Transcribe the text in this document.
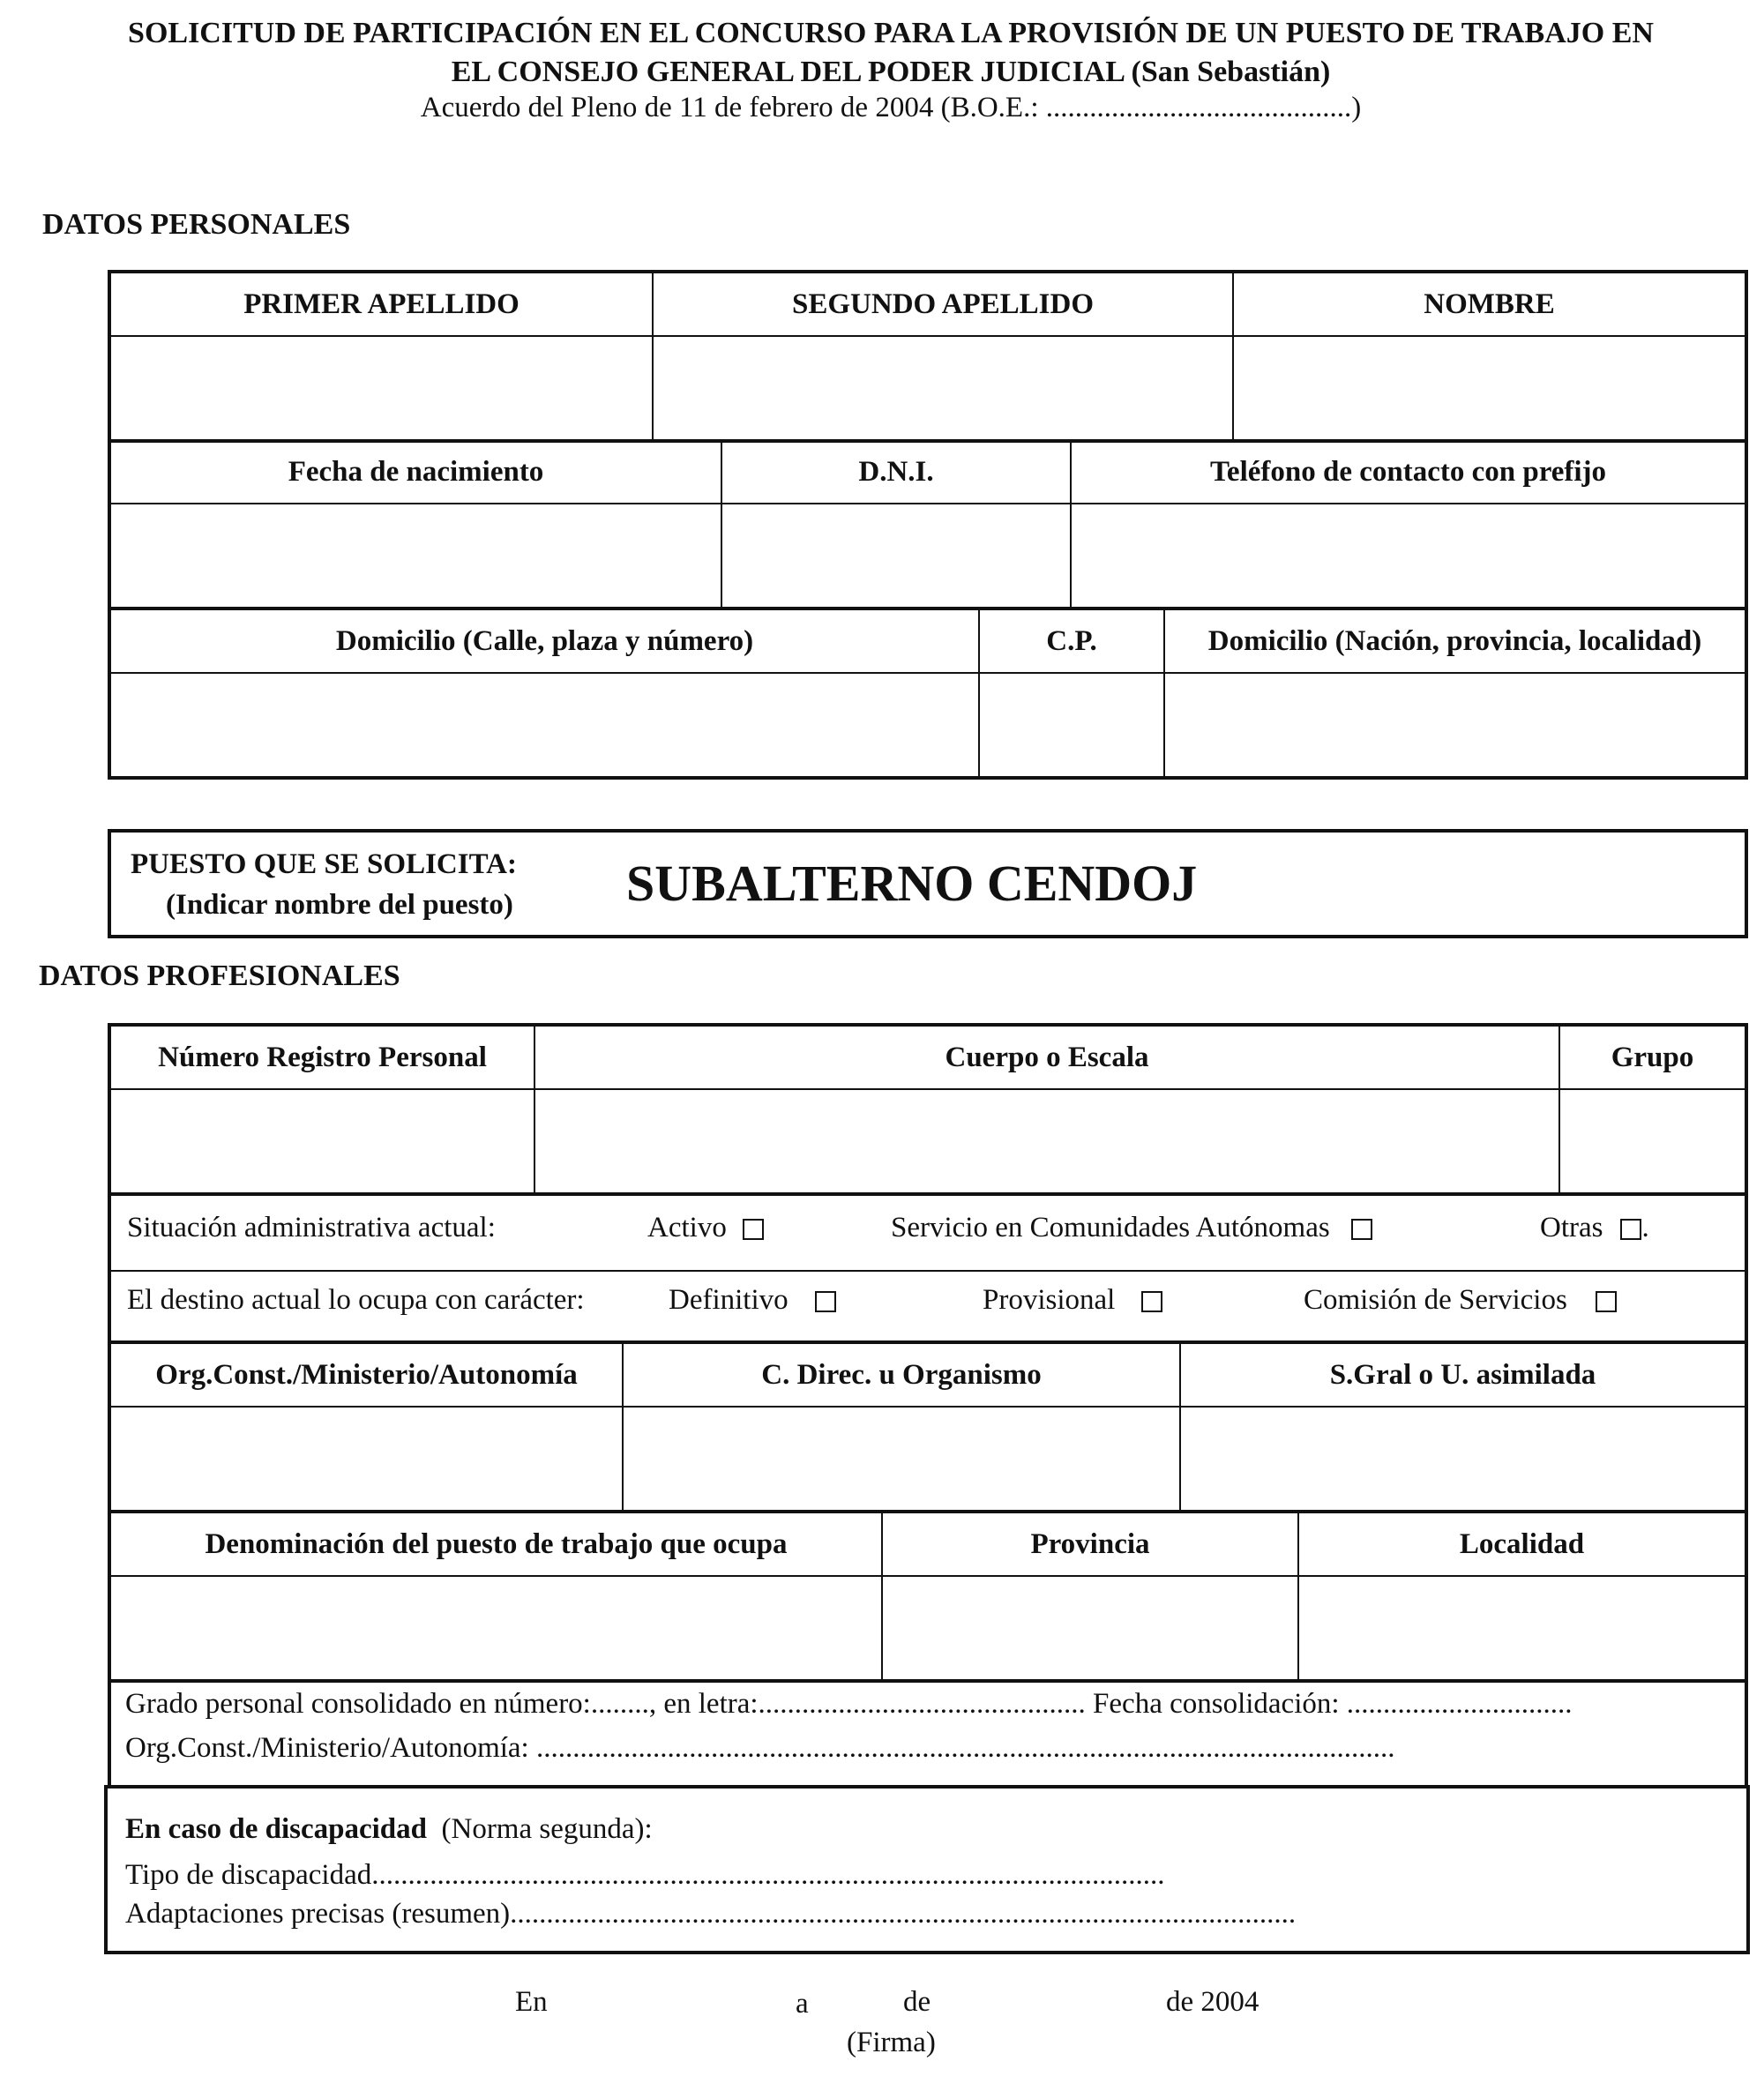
SOLICITUD DE PARTICIPACIÓN EN EL CONCURSO PARA LA PROVISIÓN DE UN PUESTO DE TRABAJO EN
EL CONSEJO GENERAL DEL PODER JUDICIAL (San Sebastián)
Acuerdo del Pleno de 11 de febrero de 2004 (B.O.E.: ..........................................)
DATOS PERSONALES
PRIMER APELLIDO	SEGUNDO APELLIDO	NOMBRE

Fecha de nacimiento	D.N.I.	Teléfono de contacto con prefijo

Domicilio (Calle, plaza y número)	C.P.	Domicilio (Nación, provincia, localidad)

PUESTO QUE SE SOLICITA:
(Indicar nombre del puesto) SUBALTERNO CENDOJ
DATOS PROFESIONALES
Número Registro Personal	Cuerpo o Escala	Grupo

Situación administrativa actual:	Activo	Servicio en Comunidades Autónomas	Otras .
El destino actual lo ocupa con carácter:	Definitivo	Provisional	Comisión de Servicios
Org.Const./Ministerio/Autonomía	C. Direc. u Organismo	S.Gral o U. asimilada

Denominación del puesto de trabajo que ocupa	Provincia	Localidad

Grado personal consolidado en número:........, en letra:............................................. Fecha consolidación: ...............................
Org.Const./Ministerio/Autonomía: ......................................................................................................................
En caso de discapacidad (Norma segunda):
Tipo de discapacidad.............................................................................................................
Adaptaciones precisas (resumen)............................................................................................................
En	a	de	de 2004
(Firma)
